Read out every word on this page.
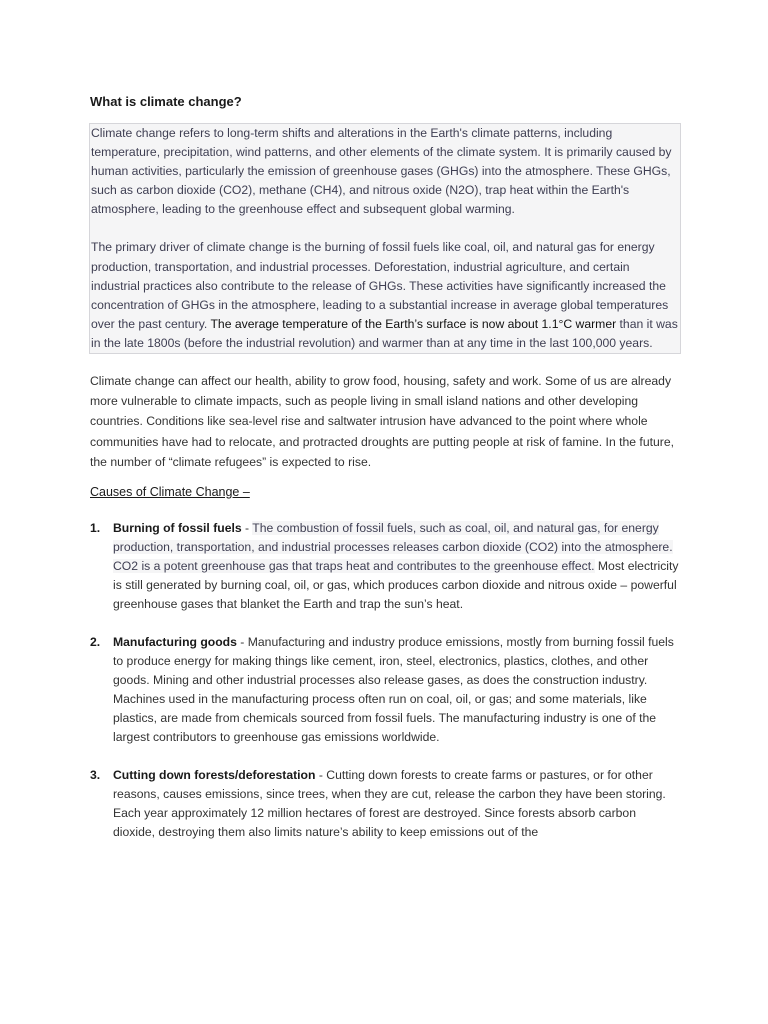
What is climate change?

Climate change refers to long-term shifts and alterations in the Earth's climate patterns, including temperature, precipitation, wind patterns, and other elements of the climate system. It is primarily caused by human activities, particularly the emission of greenhouse gases (GHGs) into the atmosphere. These GHGs, such as carbon dioxide (CO2), methane (CH4), and nitrous oxide (N2O), trap heat within the Earth's atmosphere, leading to the greenhouse effect and subsequent global warming.

The primary driver of climate change is the burning of fossil fuels like coal, oil, and natural gas for energy production, transportation, and industrial processes. Deforestation, industrial agriculture, and certain industrial practices also contribute to the release of GHGs. These activities have significantly increased the concentration of GHGs in the atmosphere, leading to a substantial increase in average global temperatures over the past century. The average temperature of the Earth’s surface is now about 1.1°C warmer than it was in the late 1800s (before the industrial revolution) and warmer than at any time in the last 100,000 years.

Climate change can affect our health, ability to grow food, housing, safety and work. Some of us are already more vulnerable to climate impacts, such as people living in small island nations and other developing countries. Conditions like sea-level rise and saltwater intrusion have advanced to the point where whole communities have had to relocate, and protracted droughts are putting people at risk of famine. In the future, the number of “climate refugees” is expected to rise.

Causes of Climate Change –

1. Burning of fossil fuels - The combustion of fossil fuels, such as coal, oil, and natural gas, for energy production, transportation, and industrial processes releases carbon dioxide (CO2) into the atmosphere. CO2 is a potent greenhouse gas that traps heat and contributes to the greenhouse effect. Most electricity is still generated by burning coal, oil, or gas, which produces carbon dioxide and nitrous oxide – powerful greenhouse gases that blanket the Earth and trap the sun’s heat.
2. Manufacturing goods - Manufacturing and industry produce emissions, mostly from burning fossil fuels to produce energy for making things like cement, iron, steel, electronics, plastics, clothes, and other goods. Mining and other industrial processes also release gases, as does the construction industry. Machines used in the manufacturing process often run on coal, oil, or gas; and some materials, like plastics, are made from chemicals sourced from fossil fuels. The manufacturing industry is one of the largest contributors to greenhouse gas emissions worldwide.
3. Cutting down forests/deforestation - Cutting down forests to create farms or pastures, or for other reasons, causes emissions, since trees, when they are cut, release the carbon they have been storing. Each year approximately 12 million hectares of forest are destroyed. Since forests absorb carbon dioxide, destroying them also limits nature’s ability to keep emissions out of the
